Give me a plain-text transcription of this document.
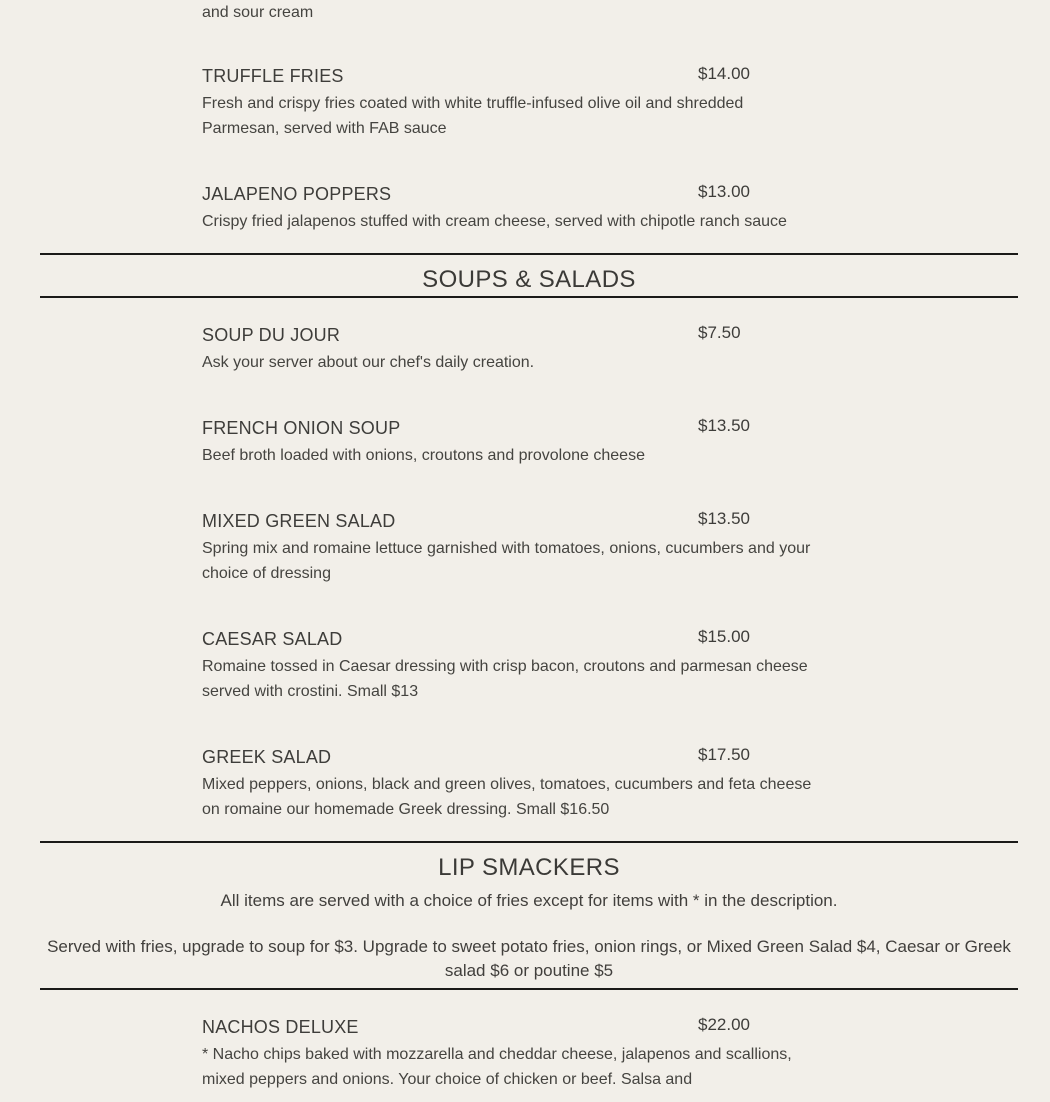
and sour cream
TRUFFLE FRIES	$14.00
Fresh and crispy fries coated with white truffle-infused olive oil and shredded Parmesan, served with FAB sauce
JALAPENO POPPERS	$13.00
Crispy fried jalapenos stuffed with cream cheese, served with chipotle ranch sauce
SOUPS & SALADS
SOUP DU JOUR	$7.50
Ask your server about our chef's daily creation.
FRENCH ONION SOUP	$13.50
Beef broth loaded with onions, croutons and provolone cheese
MIXED GREEN SALAD	$13.50
Spring mix and romaine lettuce garnished with tomatoes, onions, cucumbers and your choice of dressing
CAESAR SALAD	$15.00
Romaine tossed in Caesar dressing with crisp bacon, croutons and parmesan cheese served with crostini. Small $13
GREEK SALAD	$17.50
Mixed peppers, onions, black and green olives, tomatoes, cucumbers and feta cheese on romaine our homemade Greek dressing. Small $16.50
LIP SMACKERS
All items are served with a choice of fries except for items with * in the description.
Served with fries, upgrade to soup for $3. Upgrade to sweet potato fries, onion rings, or Mixed Green Salad $4, Caesar or Greek salad $6 or poutine $5
NACHOS DELUXE	$22.00
* Nacho chips baked with mozzarella and cheddar cheese, jalapenos and scallions, mixed peppers and onions. Your choice of chicken or beef. Salsa and
